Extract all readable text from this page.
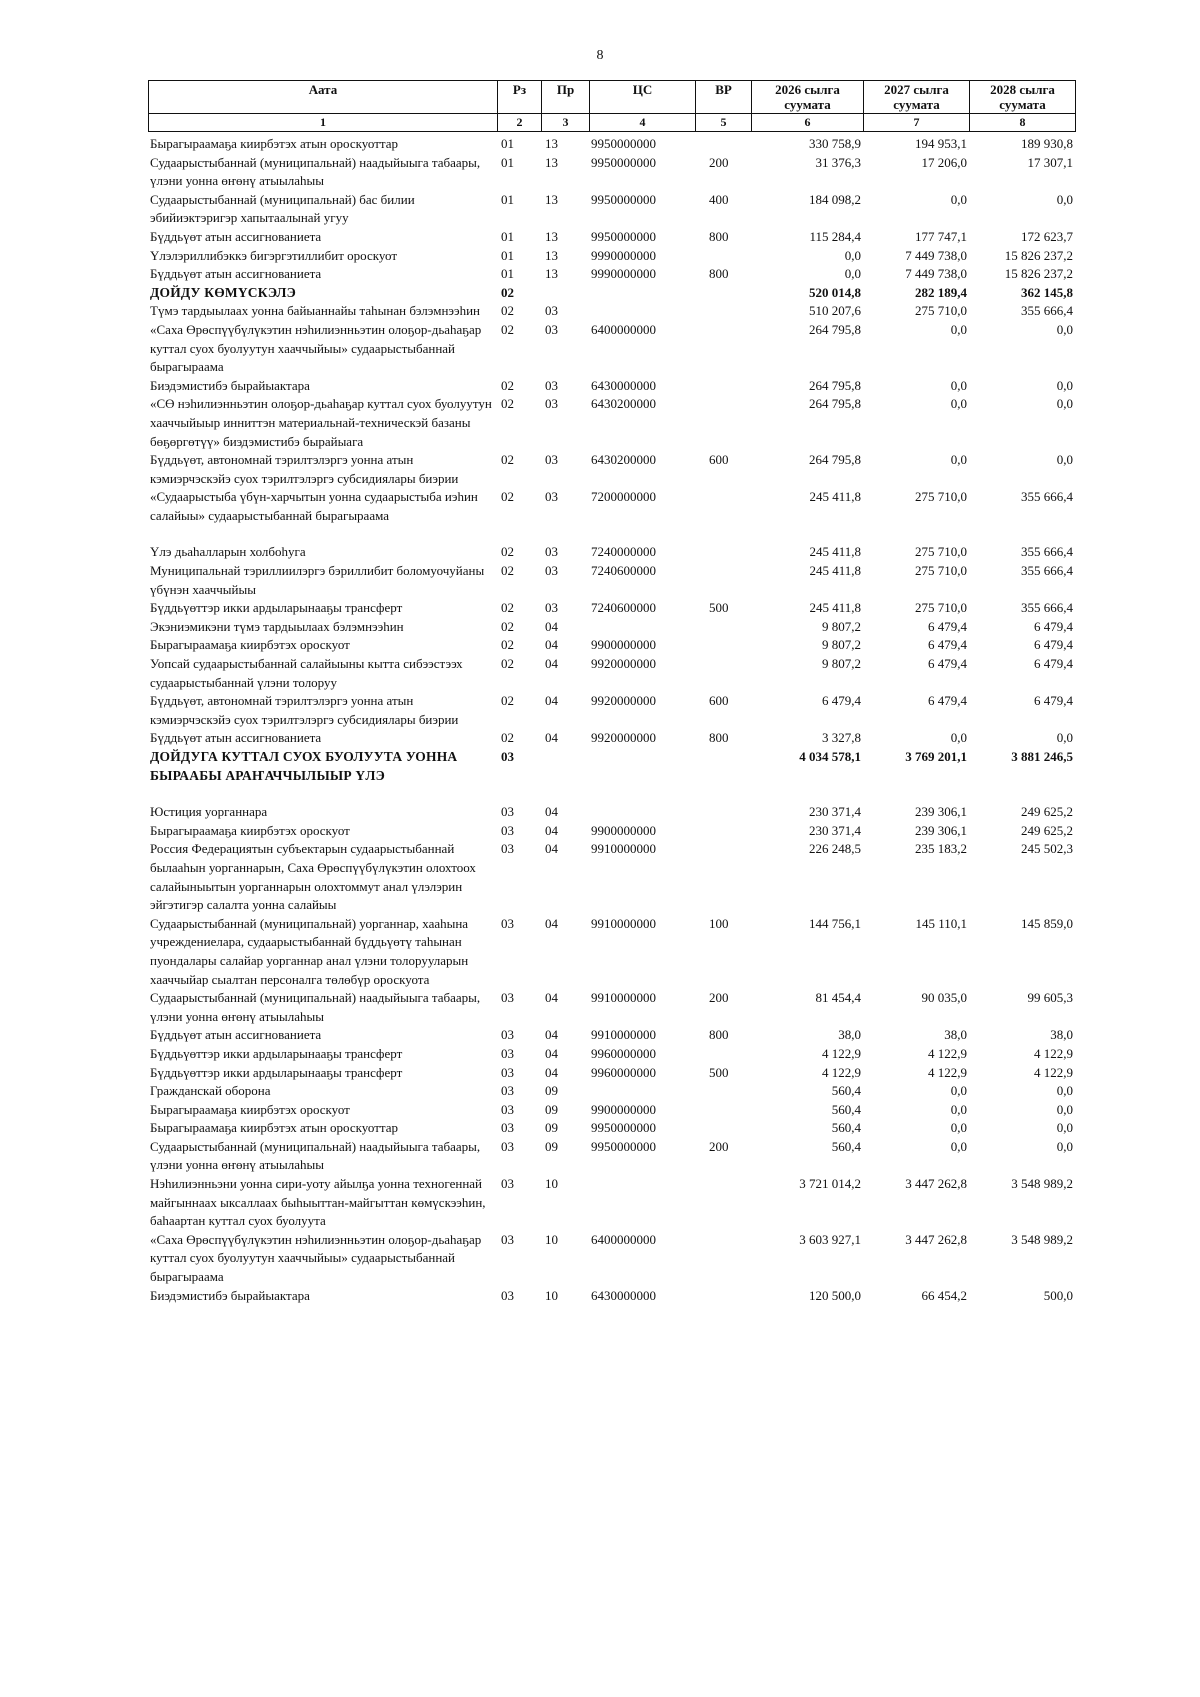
8
Аата	Рз	Пр	ЦС	ВР	2026 сылга суумата	2027 сылга суумата	2028 сылга суумата
1	2	3	4	5	6	7	8
Бырагыраамаҕа киирбэтэх атын ороскуоттар	01	13	9950000000		330 758,9	194 953,1	189 930,8
Судаарыстыбаннай (муниципальнай) наадыйыыга табаары, үлэни уонна өҥөнү атыылаһыы	01	13	9950000000	200	31 376,3	17 206,0	17 307,1
Судаарыстыбаннай (муниципальнай) бас билии эбийиэктэригэр хапытаалынай угуу	01	13	9950000000	400	184 098,2	0,0	0,0
Бүддьүөт атын ассигнованиета	01	13	9950000000	800	115 284,4	177 747,1	172 623,7
Үлэлэриллибэккэ бигэргэтиллибит ороскуот	01	13	9990000000		0,0	7 449 738,0	15 826 237,2
Бүддьүөт атын ассигнованиета	01	13	9990000000	800	0,0	7 449 738,0	15 826 237,2
ДОЙДУ КӨМҮСКЭЛЭ	02				520 014,8	282 189,4	362 145,8
Түмэ тардыылаах уонна байыаннайы таһынан бэлэмнээһин	02	03			510 207,6	275 710,0	355 666,4
«Саха Өрөспүүбүлүкэтин нэһилиэнньэтин олоҕор-дьаһаҕар куттал суох буолуутун хааччыйыы» судаарыстыбаннай бырагыраама	02	03	6400000000		264 795,8	0,0	0,0
Биэдэмистибэ бырайыактара	02	03	6430000000		264 795,8	0,0	0,0
«СӨ нэһилиэнньэтин олоҕор-дьаһаҕар куттал суох буолуутун хааччыйыыр инниттэн материальнай-техническэй базаны бөҕөргөтүү» биэдэмистибэ бырайыага	02	03	6430200000		264 795,8	0,0	0,0
Бүддьүөт, автономнай тэрилтэлэргэ уонна атын кэмиэрчэскэйэ суох тэрилтэлэргэ субсидиялары биэрии	02	03	6430200000	600	264 795,8	0,0	0,0
«Судаарыстыба үбүн-харчытын уонна судаарыстыба иэһин салайыы» судаарыстыбаннай бырагыраама	02	03	7200000000		245 411,8	275 710,0	355 666,4
Үлэ дьаһалларын холбоһуга	02	03	7240000000		245 411,8	275 710,0	355 666,4
Муниципальнай тэриллиилэргэ бэриллибит боломуочуйаны үбүнэн хааччыйыы	02	03	7240600000		245 411,8	275 710,0	355 666,4
Бүддьүөттэр икки ардыларынааҕы трансферт	02	03	7240600000	500	245 411,8	275 710,0	355 666,4
Экэниэмикэни түмэ тардыылаах бэлэмнээһин	02	04			9 807,2	6 479,4	6 479,4
Бырагыраамаҕа киирбэтэх ороскуот	02	04	9900000000		9 807,2	6 479,4	6 479,4
Уопсай судаарыстыбаннай салайыыны кытта сибээстээх судаарыстыбаннай үлэни толоруу	02	04	9920000000		9 807,2	6 479,4	6 479,4
Бүддьүөт, автономнай тэрилтэлэргэ уонна атын кэмиэрчэскэйэ суох тэрилтэлэргэ субсидиялары биэрии	02	04	9920000000	600	6 479,4	6 479,4	6 479,4
Бүддьүөт атын ассигнованиета	02	04	9920000000	800	3 327,8	0,0	0,0
ДОЙДУГА КУТТАЛ СУОХ БУОЛУУТА УОННА БЫРААБЫ АРАҤАЧЧЫЛЫЫР ҮЛЭ	03				4 034 578,1	3 769 201,1	3 881 246,5
Юстиция уорганнара	03	04			230 371,4	239 306,1	249 625,2
Бырагыраамаҕа киирбэтэх ороскуот	03	04	9900000000		230 371,4	239 306,1	249 625,2
Россия Федерациятын субъектарын судаарыстыбаннай былааһын уорганнарын, Саха Өрөспүүбүлүкэтин олохтоох салайыныытын уорганнарын олохтоммут анал үлэлэрин эйгэтигэр салалта уонна салайыы	03	04	9910000000		226 248,5	235 183,2	245 502,3
Судаарыстыбаннай (муниципальнай) уорганнар, хааһына учреждениелара, судаарыстыбаннай бүддьүөтү таһынан пуондалары салайар уорганнар анал үлэни толорууларын хааччыйар сыалтан персоналга төлөбүр ороскуота	03	04	9910000000	100	144 756,1	145 110,1	145 859,0
Судаарыстыбаннай (муниципальнай) наадыйыыга табаары, үлэни уонна өҥөнү атыылаһыы	03	04	9910000000	200	81 454,4	90 035,0	99 605,3
Бүддьүөт атын ассигнованиета	03	04	9910000000	800	38,0	38,0	38,0
Бүддьүөттэр икки ардыларынааҕы трансферт	03	04	9960000000		4 122,9	4 122,9	4 122,9
Бүддьүөттэр икки ардыларынааҕы трансферт	03	04	9960000000	500	4 122,9	4 122,9	4 122,9
Гражданскай оборона	03	09			560,4	0,0	0,0
Бырагыраамаҕа киирбэтэх ороскуот	03	09	9900000000		560,4	0,0	0,0
Бырагыраамаҕа киирбэтэх атын ороскуоттар	03	09	9950000000		560,4	0,0	0,0
Судаарыстыбаннай (муниципальнай) наадыйыыга табаары, үлэни уонна өҥөнү атыылаһыы	03	09	9950000000	200	560,4	0,0	0,0
Нэһилиэнньэни уонна сири-уоту айылҕа уонна техногеннай майгыннаах ыксаллаах быһыыттан-майгыттан көмүскээһин, баһаартан куттал суох буолуута	03	10			3 721 014,2	3 447 262,8	3 548 989,2
«Саха Өрөспүүбүлүкэтин нэһилиэнньэтин олоҕор-дьаһаҕар куттал суох буолуутун хааччыйыы» судаарыстыбаннай бырагыраама	03	10	6400000000		3 603 927,1	3 447 262,8	3 548 989,2
Биэдэмистибэ бырайыактара	03	10	6430000000		120 500,0	66 454,2	500,0
